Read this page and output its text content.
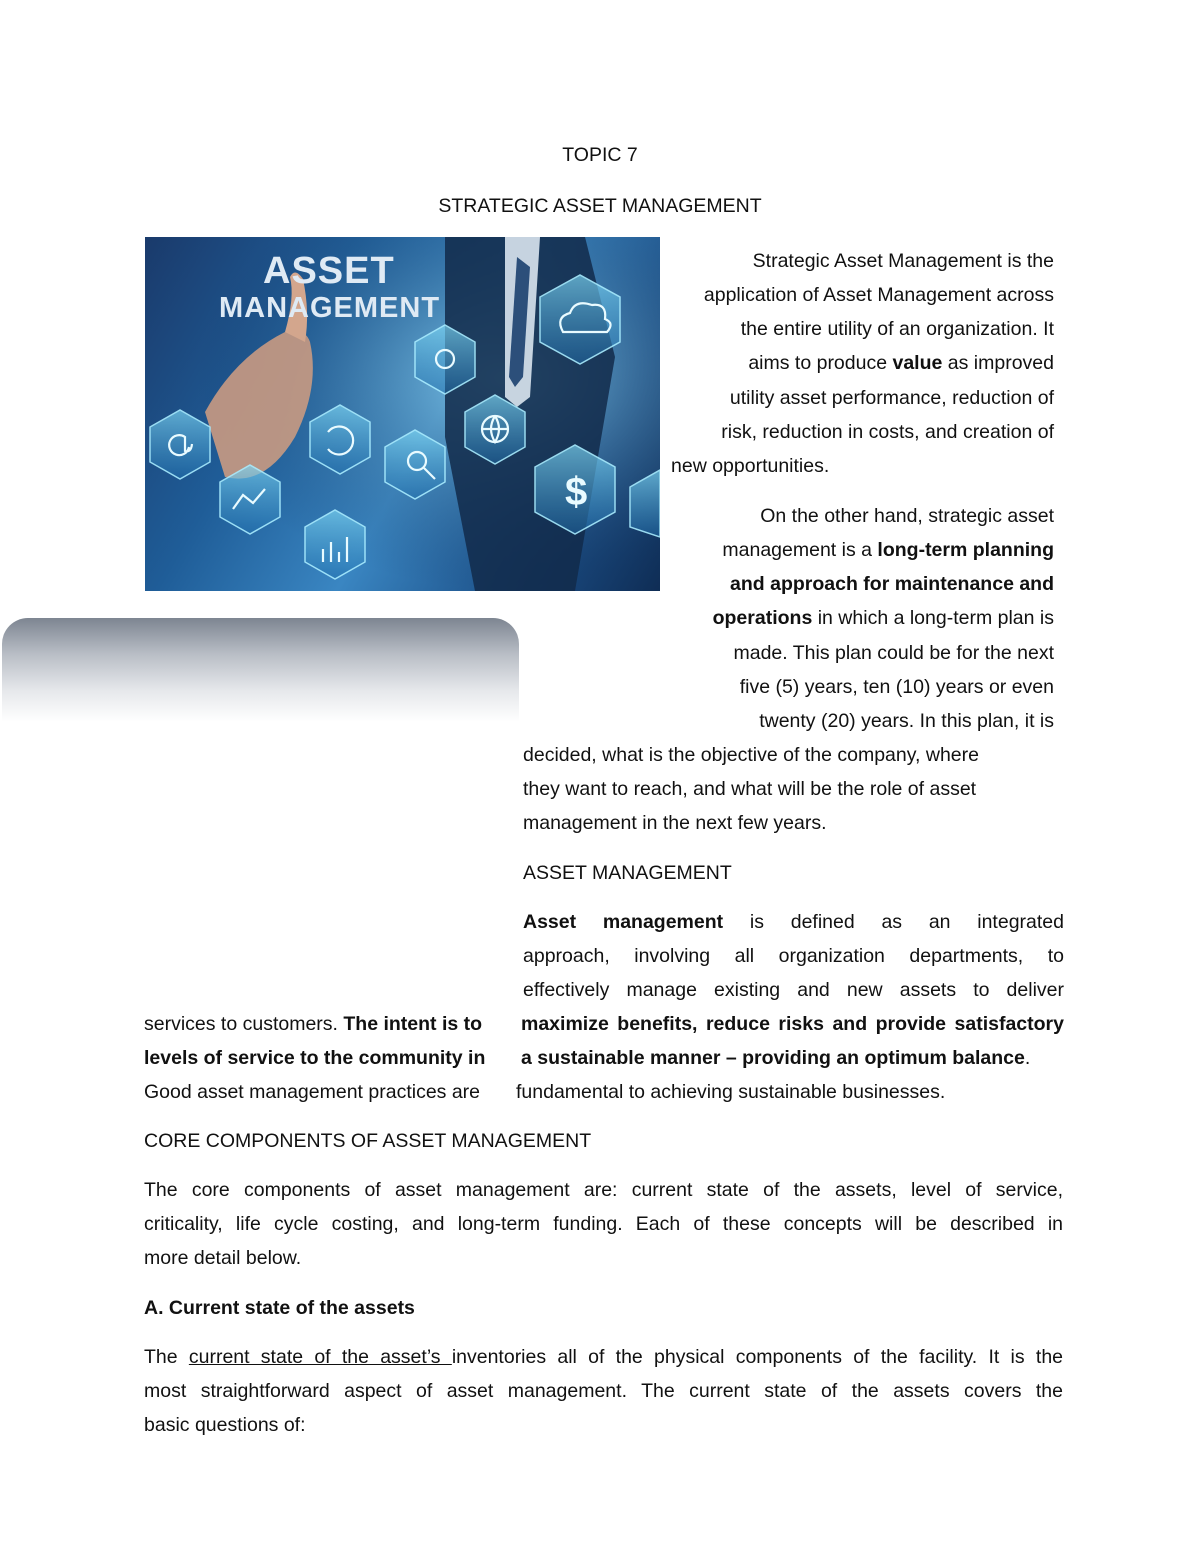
TOPIC 7
STRATEGIC ASSET MANAGEMENT
$
ASSET
MANAGEMENT
Strategic Asset Management is the
application of Asset Management across
the entire utility of an organization. It
aims to produce value as improved
utility asset performance, reduction of
risk, reduction in costs, and creation of
new opportunities.
On the other hand, strategic asset
management is a long-term planning
and approach for maintenance and
operations in which a long-term plan is
made. This plan could be for the next
five (5) years, ten (10) years or even
twenty (20) years. In this plan, it is
decided, what is the objective of the company, where
they want to reach, and what will be the role of asset
management in the next few years.
ASSET MANAGEMENT
Asset management is defined as an integrated
approach, involving all organization departments, to
effectively manage existing and new assets to deliver
services to customers. The intent is to maximize benefits, reduce risks and provide satisfactory
levels of service to the community in a sustainable manner – providing an optimum balance.
Good asset management practices are fundamental to achieving sustainable businesses.
CORE COMPONENTS OF ASSET MANAGEMENT
The core components of asset management are: current state of the assets, level of service,
criticality, life cycle costing, and long-term funding. Each of these concepts will be described in
more detail below.
A. Current state of the assets
The current state of the asset’s inventories all of the physical components of the facility. It is the
most straightforward aspect of asset management. The current state of the assets covers the
basic questions of:
